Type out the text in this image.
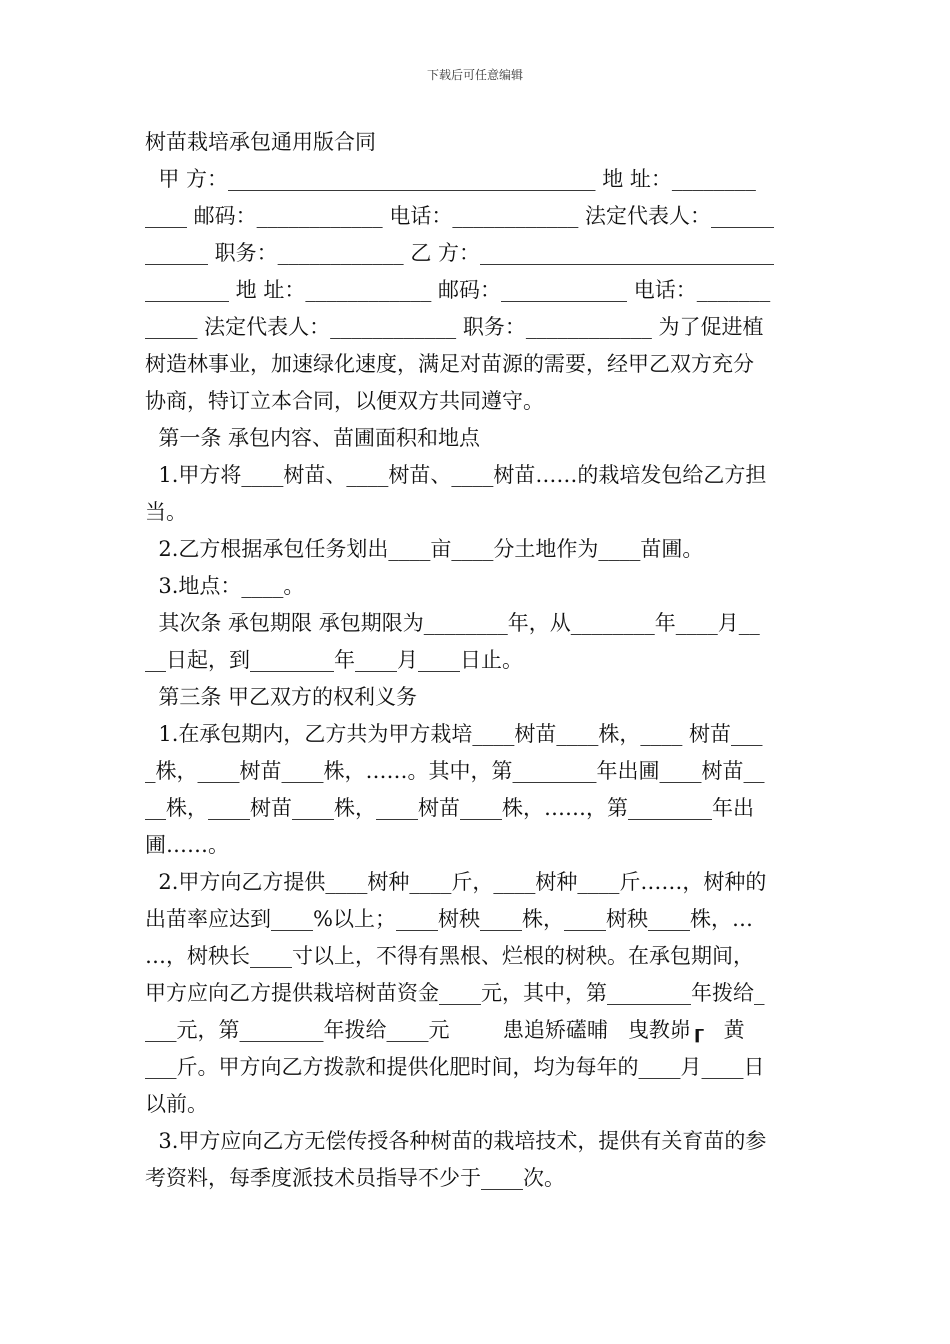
下载后可任意编辑
树苗栽培承包通用版合同
甲 方：___________________________________ 地 址：________
____ 邮码：____________ 电话：____________ 法定代表人：______
______ 职务：____________ 乙 方：____________________________
________ 地 址：____________ 邮码：____________ 电话：_______
_____ 法定代表人：____________ 职务：____________ 为了促进植
树造林事业，加速绿化速度，满足对苗源的需要，经甲乙双方充分
协商，特订立本合同，以便双方共同遵守。
第一条 承包内容、苗圃面积和地点
1.甲方将____树苗、____树苗、____树苗……的栽培发包给乙方担
当。
2.乙方根据承包任务划出____亩____分土地作为____苗圃。
3.地点：____。
其次条 承包期限 承包期限为________年，从________年____月__
__日起，到________年____月____日止。
第三条 甲乙双方的权利义务
1.在承包期内，乙方共为甲方栽培____树苗____株，____ 树苗___
_株，____树苗____株，……。其中，第________年出圃____树苗__
__株，____树苗____株，____树苗____株，……，第________年出
圃……。
2.甲方向乙方提供____树种____斤，____树种____斤……，树种的
出苗率应达到____%以上；____树秧____株，____树秧____株，…
…，树秧长____寸以上，不得有黑根、烂根的树秧。在承包期间，
甲方应向乙方提供栽培树苗资金____元，其中，第________年拨给_
___元，第________年拨给____元        患追矫礚晡   曳教峁┎   黄
___斤。甲方向乙方拨款和提供化肥时间，均为每年的____月____日
以前。
3.甲方应向乙方无偿传授各种树苗的栽培技术，提供有关育苗的参
考资料，每季度派技术员指导不少于____次。
